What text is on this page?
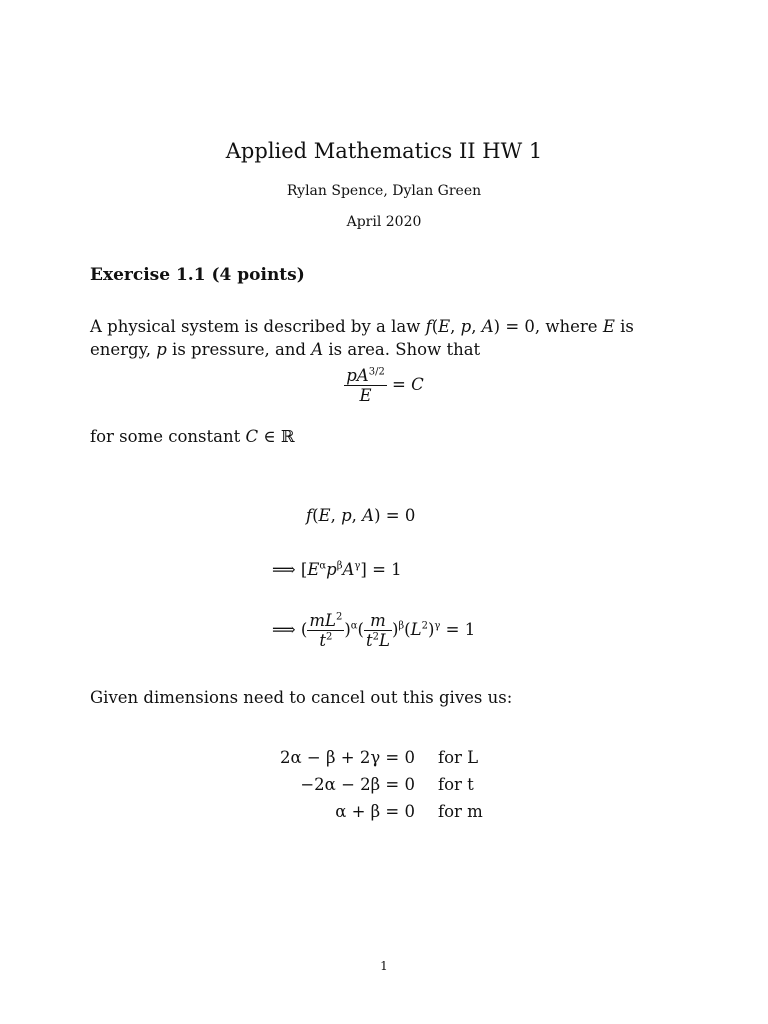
Applied Mathematics II HW 1
Rylan Spence, Dylan Green
April 2020
Exercise 1.1 (4 points)
A physical system is described by a law f(E, p, A) = 0, where E is energy, p is pressure, and A is area. Show that
$\frac{pA^{3/2}}{E} = C$
for some constant C ∈ ℝ
f(E, p, A) = 0
⟹ $[E^\alpha p^\beta A^\gamma] = 1$
⟹ ( $\frac{mL^2}{t^2} )^\alpha( \frac{m}{t^2L} )^\beta(L^2)^\gamma = 1$
Given dimensions need to cancel out this gives us:
2α − β + 2γ = 0 for L
−2α − 2β = 0 for t
α + β = 0 for m
1
